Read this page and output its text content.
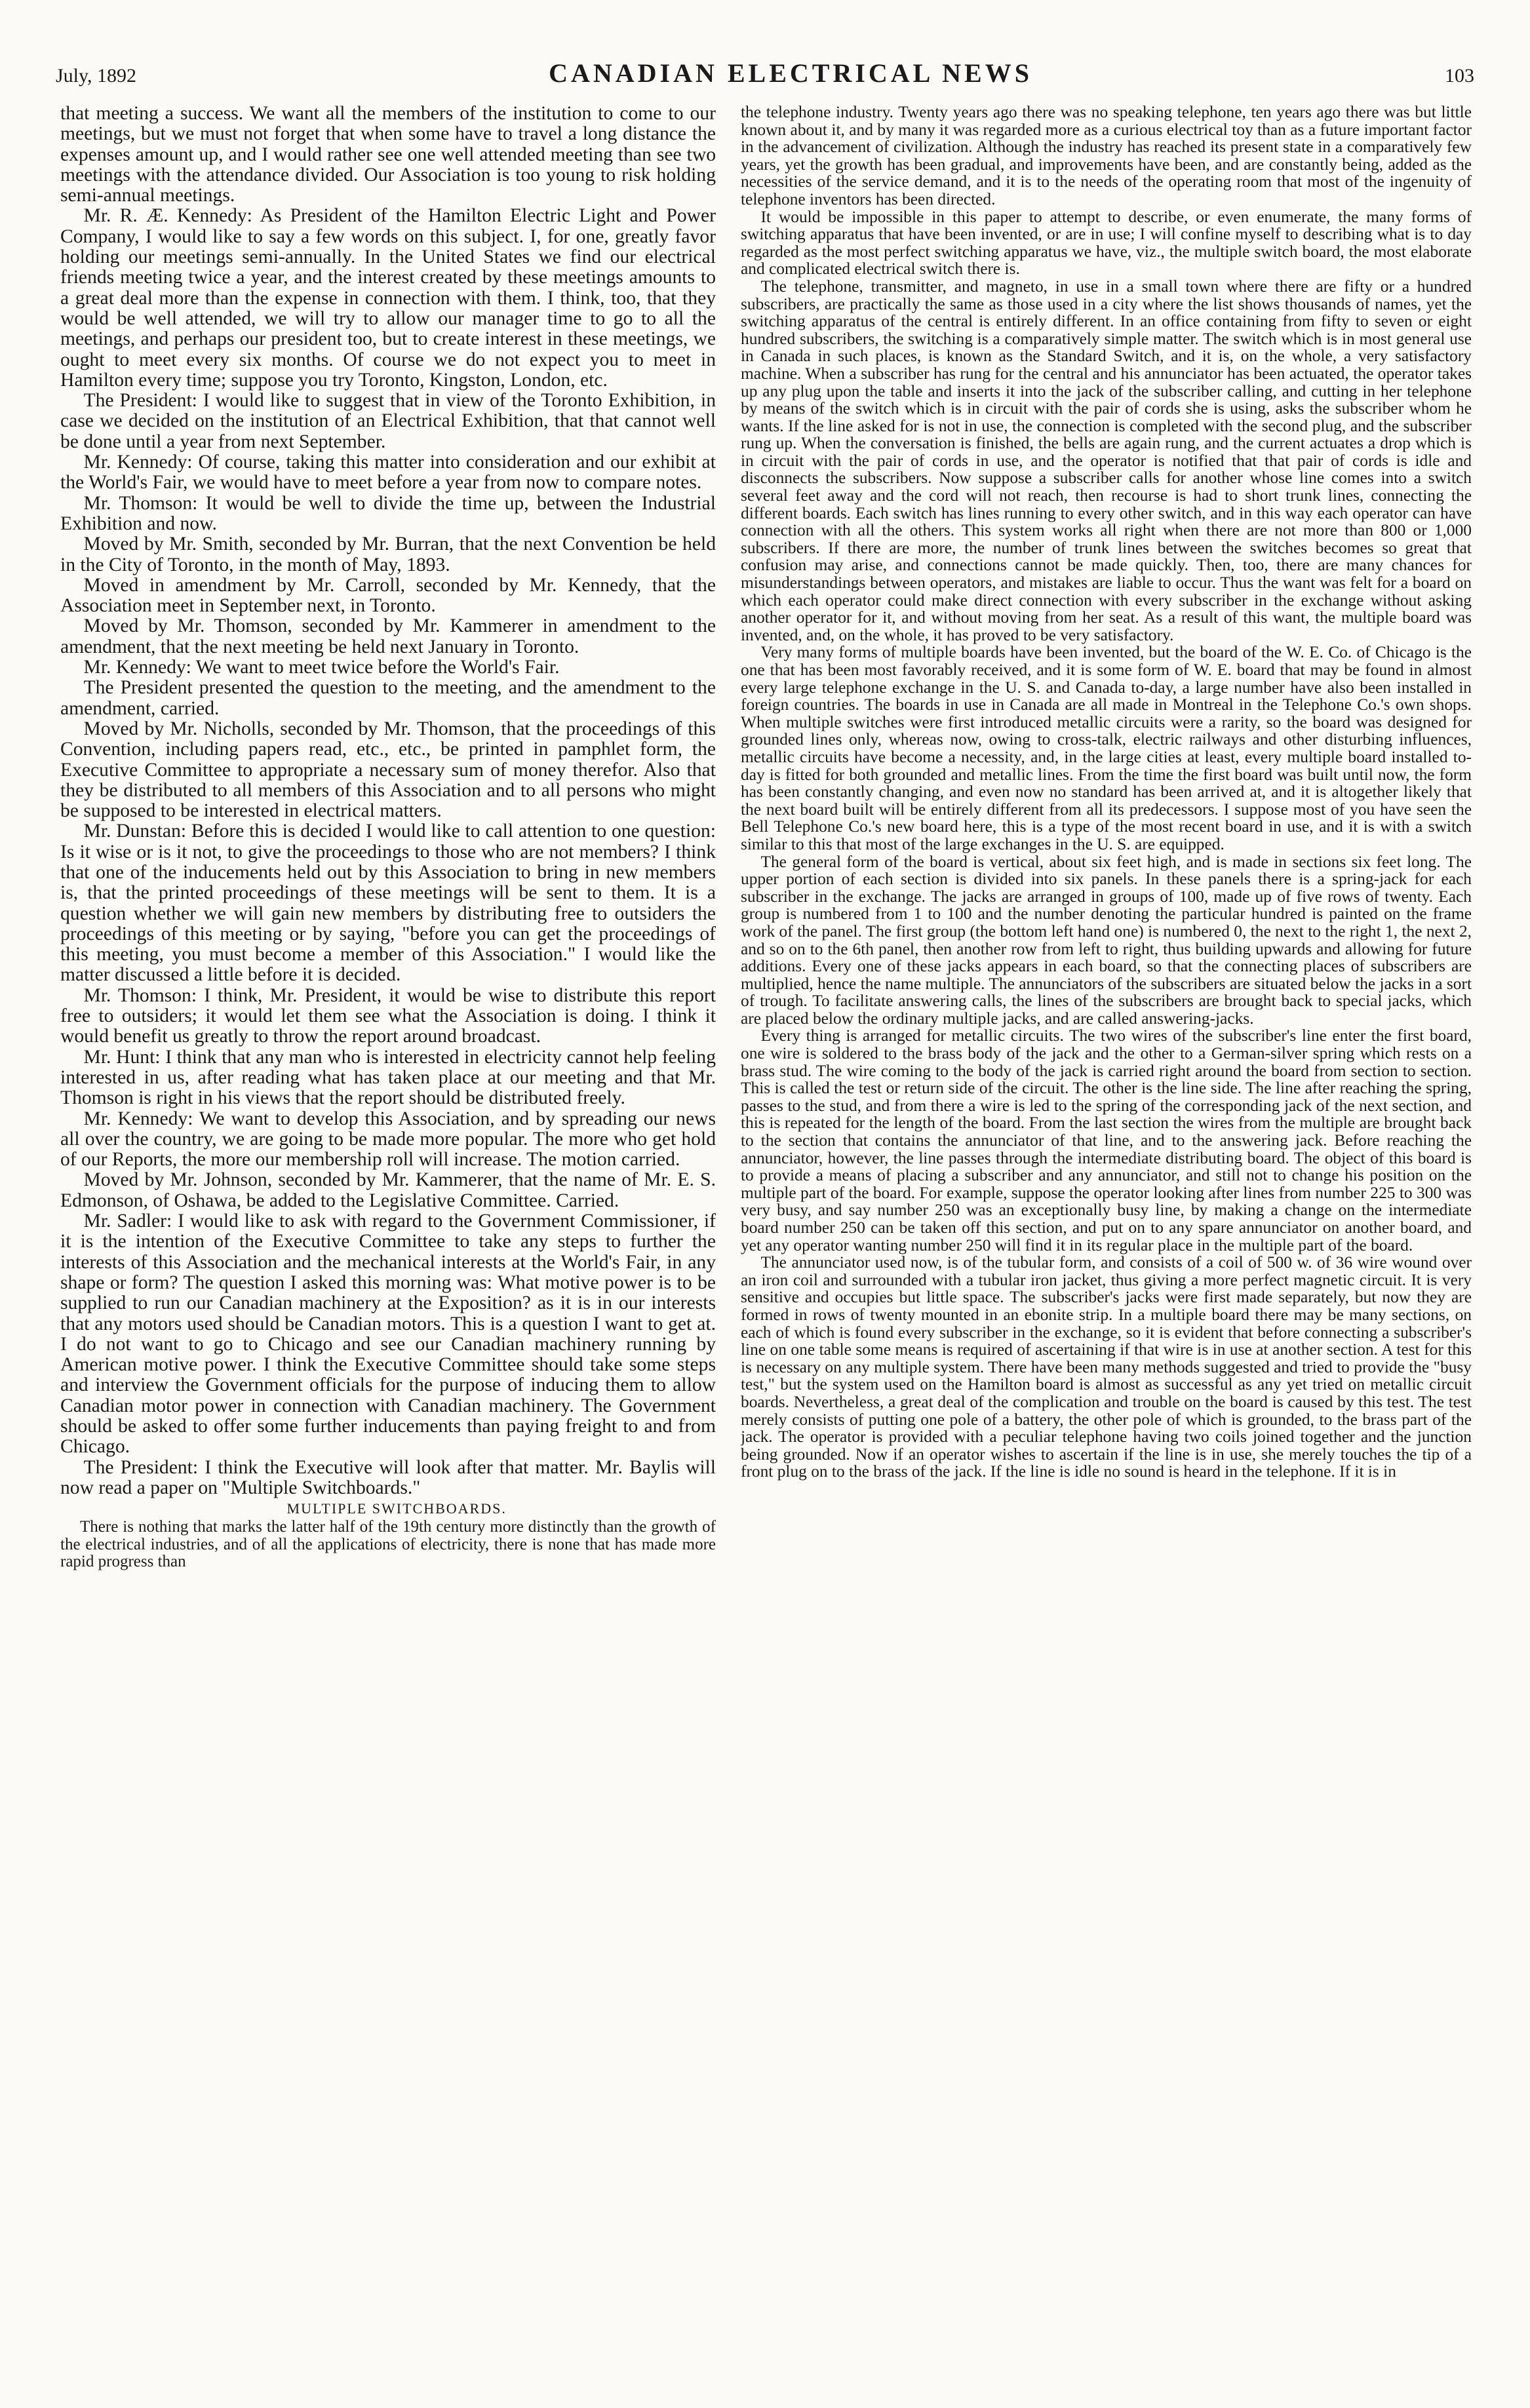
July, 1892	CANADIAN ELECTRICAL NEWS	103

that meeting a success. We want all the members of the institution to come to our meetings, but we must not forget that when some have to travel a long distance the expenses amount up, and I would rather see one well attended meeting than see two meetings with the attendance divided. Our Association is too young to risk holding semi-annual meetings.

Mr. R. Æ. Kennedy: As President of the Hamilton Electric Light and Power Company, I would like to say a few words on this subject. I, for one, greatly favor holding our meetings semi-annually. In the United States we find our electrical friends meeting twice a year, and the interest created by these meetings amounts to a great deal more than the expense in connection with them. I think, too, that they would be well attended, we will try to allow our manager time to go to all the meetings, and perhaps our president too, but to create interest in these meetings, we ought to meet every six months. Of course we do not expect you to meet in Hamilton every time; suppose you try Toronto, Kingston, London, etc.

The President: I would like to suggest that in view of the Toronto Exhibition, in case we decided on the institution of an Electrical Exhibition, that that cannot well be done until a year from next September.

Mr. Kennedy: Of course, taking this matter into consideration and our exhibit at the World's Fair, we would have to meet before a year from now to compare notes.

Mr. Thomson: It would be well to divide the time up, between the Industrial Exhibition and now.

Moved by Mr. Smith, seconded by Mr. Burran, that the next Convention be held in the City of Toronto, in the month of May, 1893.

Moved in amendment by Mr. Carroll, seconded by Mr. Kennedy, that the Association meet in September next, in Toronto.

Moved by Mr. Thomson, seconded by Mr. Kammerer in amendment to the amendment, that the next meeting be held next January in Toronto.

Mr. Kennedy: We want to meet twice before the World's Fair.

The President presented the question to the meeting, and the amendment to the amendment, carried.

Moved by Mr. Nicholls, seconded by Mr. Thomson, that the proceedings of this Convention, including papers read, etc., etc., be printed in pamphlet form, the Executive Committee to appropriate a necessary sum of money therefor. Also that they be distributed to all members of this Association and to all persons who might be supposed to be interested in electrical matters.

Mr. Dunstan: Before this is decided I would like to call attention to one question: Is it wise or is it not, to give the proceedings to those who are not members? I think that one of the inducements held out by this Association to bring in new members is, that the printed proceedings of these meetings will be sent to them. It is a question whether we will gain new members by distributing free to outsiders the proceedings of this meeting or by saying, "before you can get the proceedings of this meeting, you must become a member of this Association." I would like the matter discussed a little before it is decided.

Mr. Thomson: I think, Mr. President, it would be wise to distribute this report free to outsiders; it would let them see what the Association is doing. I think it would benefit us greatly to throw the report around broadcast.

Mr. Hunt: I think that any man who is interested in electricity cannot help feeling interested in us, after reading what has taken place at our meeting and that Mr. Thomson is right in his views that the report should be distributed freely.

Mr. Kennedy: We want to develop this Association, and by spreading our news all over the country, we are going to be made more popular. The more who get hold of our Reports, the more our membership roll will increase. The motion carried.

Moved by Mr. Johnson, seconded by Mr. Kammerer, that the name of Mr. E. S. Edmonson, of Oshawa, be added to the Legislative Committee. Carried.

Mr. Sadler: I would like to ask with regard to the Government Commissioner, if it is the intention of the Executive Committee to take any steps to further the interests of this Association and the mechanical interests at the World's Fair, in any shape or form? The question I asked this morning was: What motive power is to be supplied to run our Canadian machinery at the Exposition? as it is in our interests that any motors used should be Canadian motors. This is a question I want to get at. I do not want to go to Chicago and see our Canadian machinery running by American motive power. I think the Executive Committee should take some steps and interview the Government officials for the purpose of inducing them to allow Canadian motor power in connection with Canadian machinery. The Government should be asked to offer some further inducements than paying freight to and from Chicago.

The President: I think the Executive will look after that matter. Mr. Baylis will now read a paper on "Multiple Switchboards."

MULTIPLE SWITCHBOARDS.

There is nothing that marks the latter half of the 19th century more distinctly than the growth of the electrical industries, and of all the applications of electricity, there is none that has made more rapid progress than

the telephone industry. Twenty years ago there was no speaking telephone, ten years ago there was but little known about it, and by many it was regarded more as a curious electrical toy than as a future important factor in the advancement of civilization. Although the industry has reached its present state in a comparatively few years, yet the growth has been gradual, and improvements have been, and are constantly being, added as the necessities of the service demand, and it is to the needs of the operating room that most of the ingenuity of telephone inventors has been directed.

It would be impossible in this paper to attempt to describe, or even enumerate, the many forms of switching apparatus that have been invented, or are in use; I will confine myself to describing what is to day regarded as the most perfect switching apparatus we have, viz., the multiple switch board, the most elaborate and complicated electrical switch there is.

The telephone, transmitter, and magneto, in use in a small town where there are fifty or a hundred subscribers, are practically the same as those used in a city where the list shows thousands of names, yet the switching apparatus of the central is entirely different. In an office containing from fifty to seven or eight hundred subscribers, the switching is a comparatively simple matter. The switch which is in most general use in Canada in such places, is known as the Standard Switch, and it is, on the whole, a very satisfactory machine. When a subscriber has rung for the central and his annunciator has been actuated, the operator takes up any plug upon the table and inserts it into the jack of the subscriber calling, and cutting in her telephone by means of the switch which is in circuit with the pair of cords she is using, asks the subscriber whom he wants. If the line asked for is not in use, the connection is completed with the second plug, and the subscriber rung up. When the conversation is finished, the bells are again rung, and the current actuates a drop which is in circuit with the pair of cords in use, and the operator is notified that that pair of cords is idle and disconnects the subscribers. Now suppose a subscriber calls for another whose line comes into a switch several feet away and the cord will not reach, then recourse is had to short trunk lines, connecting the different boards. Each switch has lines running to every other switch, and in this way each operator can have connection with all the others. This system works all right when there are not more than 800 or 1,000 subscribers. If there are more, the number of trunk lines between the switches becomes so great that confusion may arise, and connections cannot be made quickly. Then, too, there are many chances for misunderstandings between operators, and mistakes are liable to occur. Thus the want was felt for a board on which each operator could make direct connection with every subscriber in the exchange without asking another operator for it, and without moving from her seat. As a result of this want, the multiple board was invented, and, on the whole, it has proved to be very satisfactory.

Very many forms of multiple boards have been invented, but the board of the W. E. Co. of Chicago is the one that has been most favorably received, and it is some form of W. E. board that may be found in almost every large telephone exchange in the U. S. and Canada to-day, a large number have also been installed in foreign countries. The boards in use in Canada are all made in Montreal in the Telephone Co.'s own shops. When multiple switches were first introduced metallic circuits were a rarity, so the board was designed for grounded lines only, whereas now, owing to cross-talk, electric railways and other disturbing influences, metallic circuits have become a necessity, and, in the large cities at least, every multiple board installed to-day is fitted for both grounded and metallic lines. From the time the first board was built until now, the form has been constantly changing, and even now no standard has been arrived at, and it is altogether likely that the next board built will be entirely different from all its predecessors. I suppose most of you have seen the Bell Telephone Co.'s new board here, this is a type of the most recent board in use, and it is with a switch similar to this that most of the large exchanges in the U. S. are equipped.

The general form of the board is vertical, about six feet high, and is made in sections six feet long. The upper portion of each section is divided into six panels. In these panels there is a spring-jack for each subscriber in the exchange. The jacks are arranged in groups of 100, made up of five rows of twenty. Each group is numbered from 1 to 100 and the number denoting the particular hundred is painted on the frame work of the panel. The first group (the bottom left hand one) is numbered 0, the next to the right 1, the next 2, and so on to the 6th panel, then another row from left to right, thus building upwards and allowing for future additions. Every one of these jacks appears in each board, so that the connecting places of subscribers are multiplied, hence the name multiple. The annunciators of the subscribers are situated below the jacks in a sort of trough. To facilitate answering calls, the lines of the subscribers are brought back to special jacks, which are placed below the ordinary multiple jacks, and are called answering-jacks.

Every thing is arranged for metallic circuits. The two wires of the subscriber's line enter the first board, one wire is soldered to the brass body of the jack and the other to a German-silver spring which rests on a brass stud. The wire coming to the body of the jack is carried right around the board from section to section. This is called the test or return side of the circuit. The other is the line side. The line after reaching the spring, passes to the stud, and from there a wire is led to the spring of the corresponding jack of the next section, and this is repeated for the length of the board. From the last section the wires from the multiple are brought back to the section that contains the annunciator of that line, and to the answering jack. Before reaching the annunciator, however, the line passes through the intermediate distributing board. The object of this board is to provide a means of placing a subscriber and any annunciator, and still not to change his position on the multiple part of the board. For example, suppose the operator looking after lines from number 225 to 300 was very busy, and say number 250 was an exceptionally busy line, by making a change on the intermediate board number 250 can be taken off this section, and put on to any spare annunciator on another board, and yet any operator wanting number 250 will find it in its regular place in the multiple part of the board.

The annunciator used now, is of the tubular form, and consists of a coil of 500 w. of 36 wire wound over an iron coil and surrounded with a tubular iron jacket, thus giving a more perfect magnetic circuit. It is very sensitive and occupies but little space. The subscriber's jacks were first made separately, but now they are formed in rows of twenty mounted in an ebonite strip. In a multiple board there may be many sections, on each of which is found every subscriber in the exchange, so it is evident that before connecting a subscriber's line on one table some means is required of ascertaining if that wire is in use at another section. A test for this is necessary on any multiple system. There have been many methods suggested and tried to provide the "busy test," but the system used on the Hamilton board is almost as successful as any yet tried on metallic circuit boards. Nevertheless, a great deal of the complication and trouble on the board is caused by this test. The test merely consists of putting one pole of a battery, the other pole of which is grounded, to the brass part of the jack. The operator is provided with a peculiar telephone having two coils joined together and the junction being grounded. Now if an operator wishes to ascertain if the line is in use, she merely touches the tip of a front plug on to the brass of the jack. If the line is idle no sound is heard in the telephone. If it is in
